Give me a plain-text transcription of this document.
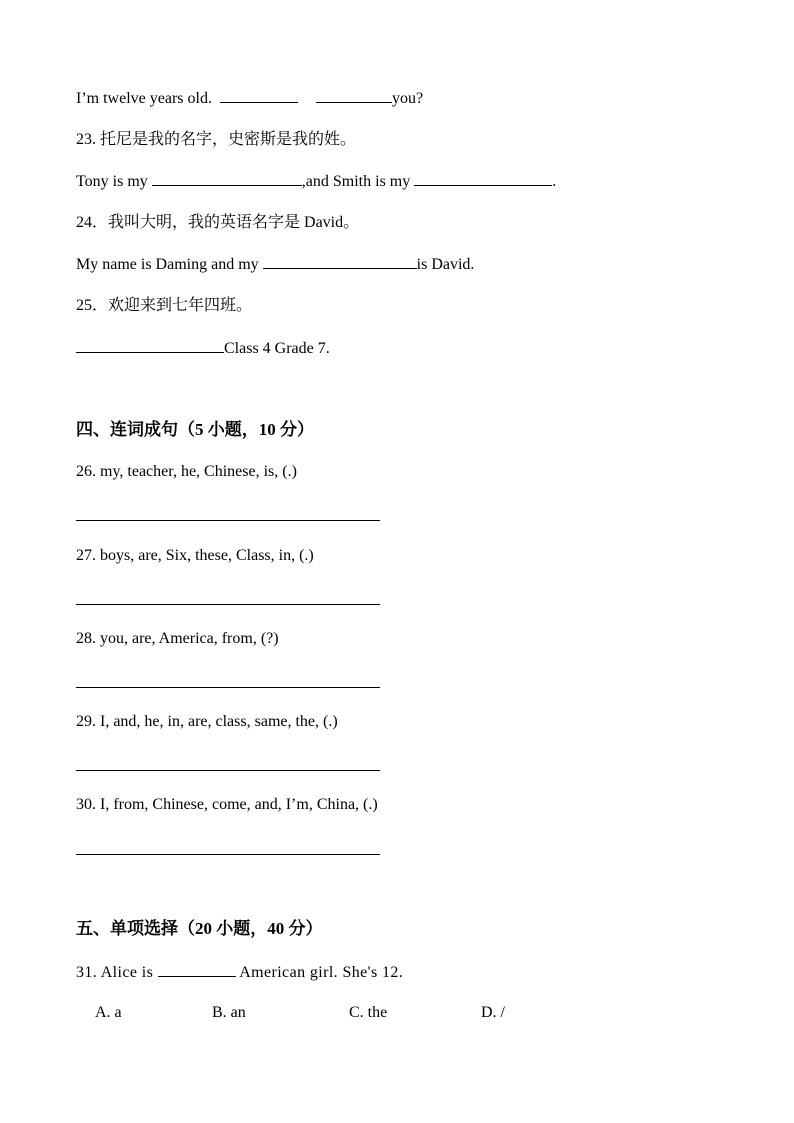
I’m twelve years old.	you?
23. 托尼是我的名字，史密斯是我的姓。
Tony is my	,and Smith is my	.
24．我叫大明，我的英语名字是 David。
My name is Daming and my	is David.
25．欢迎来到七年四班。
Class 4 Grade 7.
四、连词成句（5 小题，10 分）
26. my, teacher, he, Chinese, is, (.)
27. boys, are, Six, these, Class, in, (.)
28. you, are, America, from, (?)
29. I, and, he, in, are, class, same, the, (.)
30. I, from, Chinese, come, and, I’m, China, (.)
五、单项选择（20 小题，40 分）
31. Alice is	American girl. She's 12.
A. a	B. an	C. the	D. /
